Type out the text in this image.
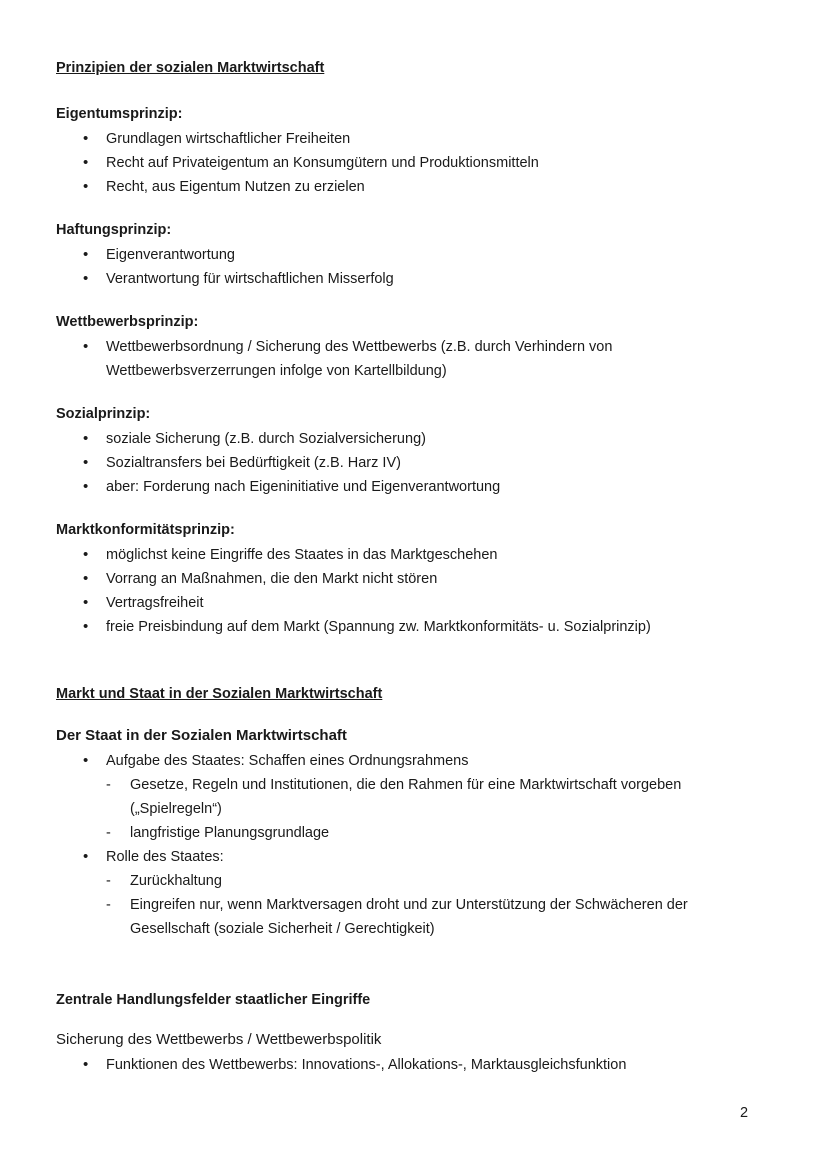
Prinzipien der sozialen Marktwirtschaft

Eigentumsprinzip:

• Grundlagen wirtschaftlicher Freiheiten
• Recht auf Privateigentum an Konsumgütern und Produktionsmitteln
• Recht, aus Eigentum Nutzen zu erzielen

Haftungsprinzip:

• Eigenverantwortung
• Verantwortung für wirtschaftlichen Misserfolg

Wettbewerbsprinzip:

• Wettbewerbsordnung / Sicherung des Wettbewerbs (z.B. durch Verhindern von Wettbewerbsverzerrungen infolge von Kartellbildung)

Sozialprinzip:

• soziale Sicherung (z.B. durch Sozialversicherung)
• Sozialtransfers bei Bedürftigkeit (z.B. Harz IV)
• aber: Forderung nach Eigeninitiative und Eigenverantwortung

Marktkonformitätsprinzip:

• möglichst keine Eingriffe des Staates in das Marktgeschehen
• Vorrang an Maßnahmen, die den Markt nicht stören
• Vertragsfreiheit
• freie Preisbindung auf dem Markt (Spannung zw. Marktkonformitäts- u. Sozialprinzip)

Markt und Staat in der Sozialen Marktwirtschaft

Der Staat in der Sozialen Marktwirtschaft

• Aufgabe des Staates: Schaffen eines Ordnungsrahmens
- Gesetze, Regeln und Institutionen, die den Rahmen für eine Marktwirtschaft vorgeben („Spielregeln“)
- langfristige Planungsgrundlage
• Rolle des Staates:
- Zurückhaltung
- Eingreifen nur, wenn Marktversagen droht und zur Unterstützung der Schwächeren der Gesellschaft (soziale Sicherheit / Gerechtigkeit)

Zentrale Handlungsfelder staatlicher Eingriffe

Sicherung des Wettbewerbs / Wettbewerbspolitik

• Funktionen des Wettbewerbs: Innovations-, Allokations-, Marktausgleichsfunktion
2
